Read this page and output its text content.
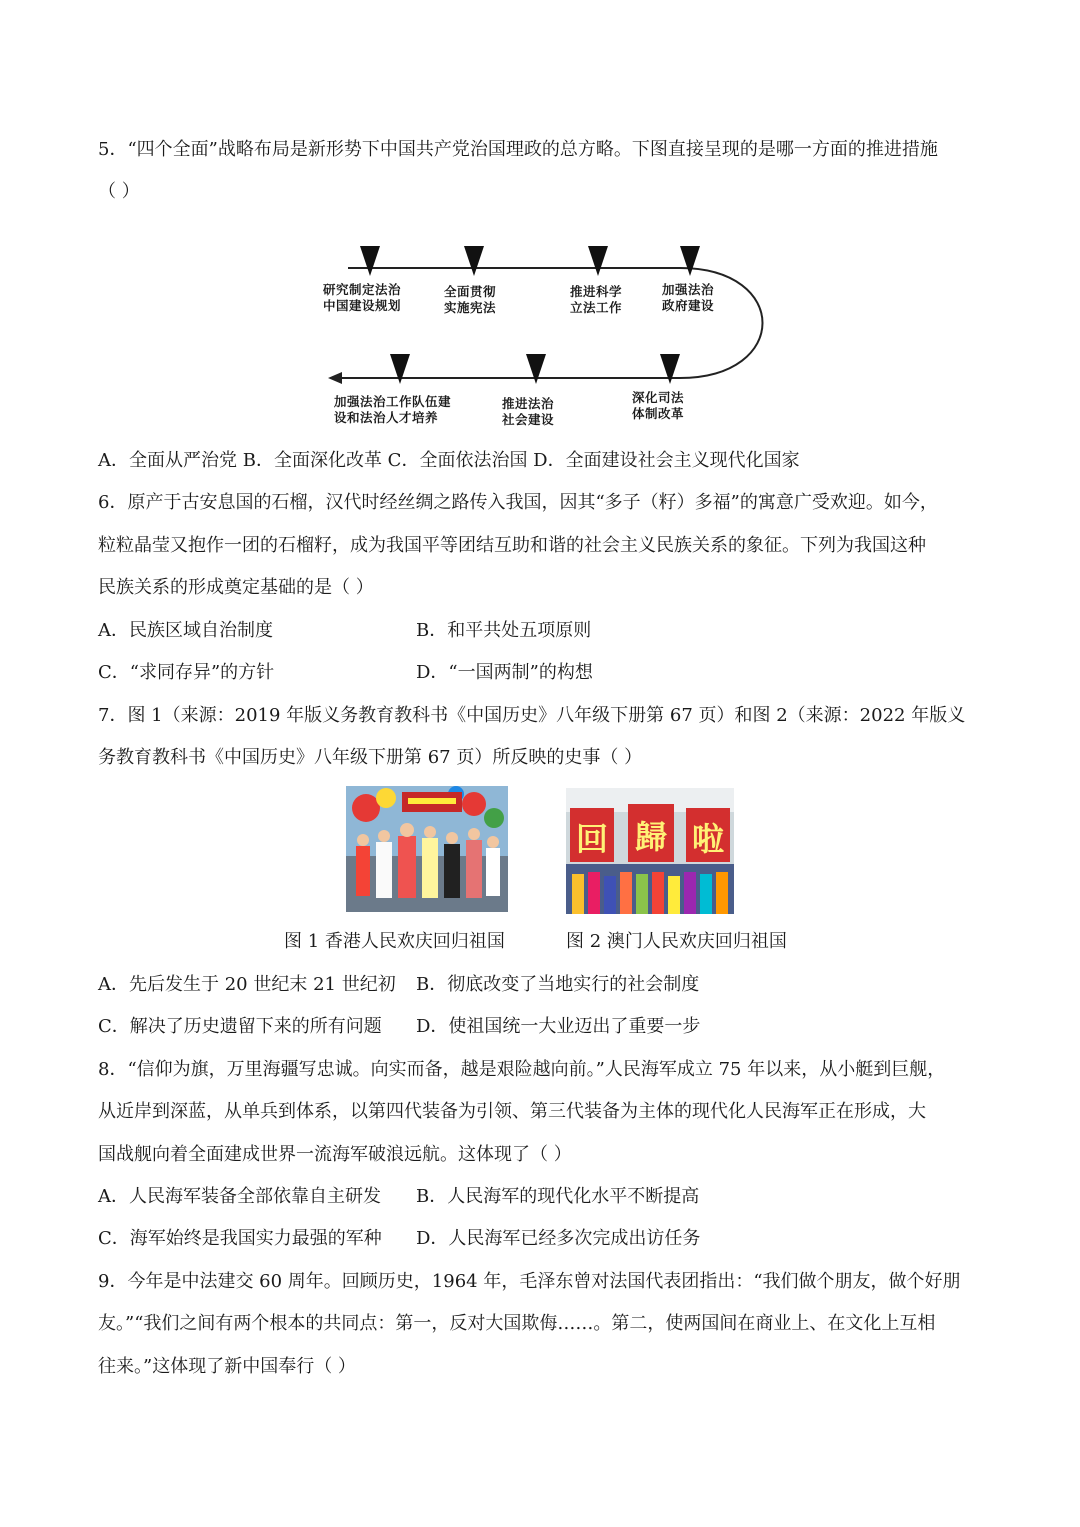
5．“四个全面”战略布局是新形势下中国共产党治国理政的总方略。下图直接呈现的是哪一方面的推进措施
（ ）
研究制定法治
中国建设规划
全面贯彻
实施宪法
推进科学
立法工作
加强法治
政府建设
深化司法
体制改革
推进法治
社会建设
加强法治工作队伍建
设和法治人才培养
A．全面从严治党 B．全面深化改革 C．全面依法治国 D．全面建设社会主义现代化国家
6．原产于古安息国的石榴，汉代时经丝绸之路传入我国，因其“多子（籽）多福”的寓意广受欢迎。如今，
粒粒晶莹又抱作一团的石榴籽，成为我国平等团结互助和谐的社会主义民族关系的象征。下列为我国这种
民族关系的形成奠定基础的是（ ）
A．民族区域自治制度	B．和平共处五项原则
C．“求同存异”的方针	D．“一国两制”的构想
7．图 1（来源：2019 年版义务教育教科书《中国历史》八年级下册第 67 页）和图 2（来源：2022 年版义
务教育教科书《中国历史》八年级下册第 67 页）所反映的史事（ ）
回 歸 啦
图 1 香港人民欢庆回归祖国	图 2 澳门人民欢庆回归祖国
A．先后发生于 20 世纪末 21 世纪初 B．彻底改变了当地实行的社会制度
C．解决了历史遗留下来的所有问题 D．使祖国统一大业迈出了重要一步
8．“信仰为旗，万里海疆写忠诚。向实而备，越是艰险越向前。”人民海军成立 75 年以来，从小艇到巨舰，
从近岸到深蓝，从单兵到体系，以第四代装备为引领、第三代装备为主体的现代化人民海军正在形成，大
国战舰向着全面建成世界一流海军破浪远航。这体现了（ ）
A．人民海军装备全部依靠自主研发 B．人民海军的现代化水平不断提高
C．海军始终是我国实力最强的军种 D．人民海军已经多次完成出访任务
9．今年是中法建交 60 周年。回顾历史，1964 年，毛泽东曾对法国代表团指出：“我们做个朋友，做个好朋
友。”“我们之间有两个根本的共同点：第一，反对大国欺侮……。第二，使两国间在商业上、在文化上互相
往来。”这体现了新中国奉行（ ）
